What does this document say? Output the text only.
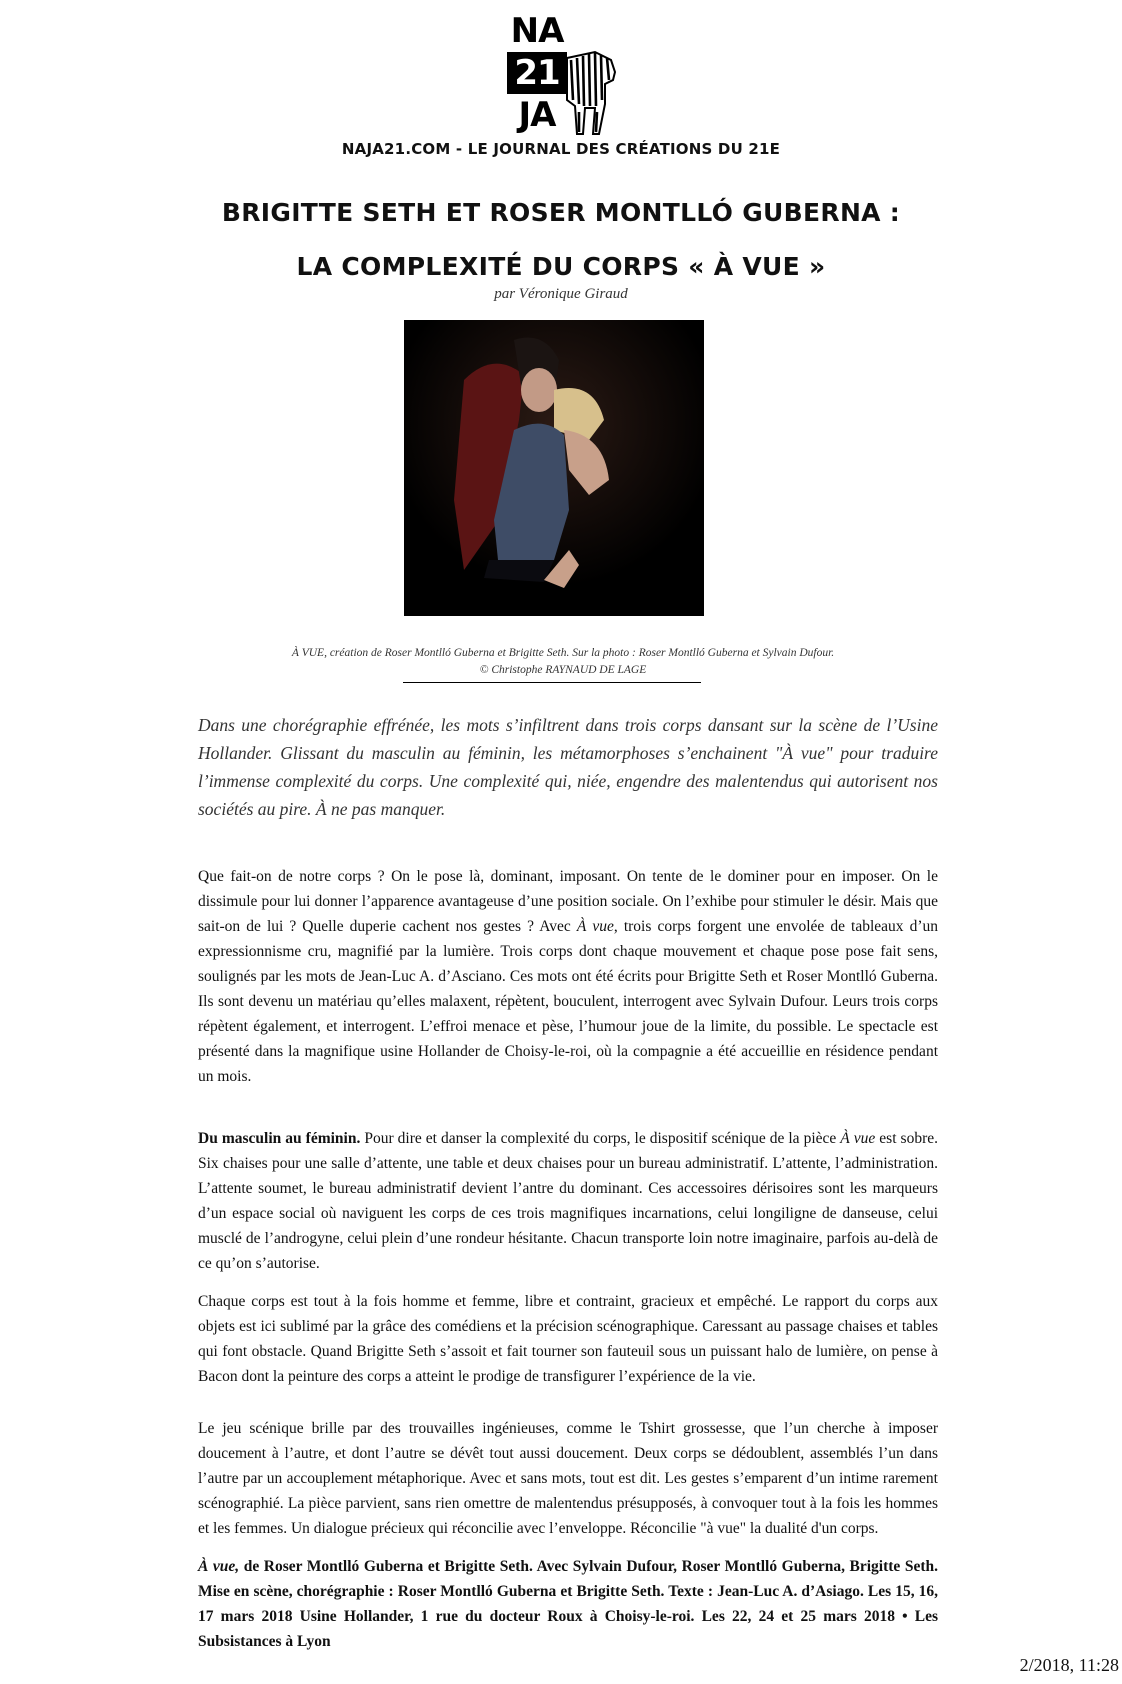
NA
21
JA
NAJA21.COM - LE JOURNAL DES CRÉATIONS DU 21E
BRIGITTE SETH ET ROSER MONTLLÓ GUBERNA : LA COMPLEXITÉ DU CORPS « À VUE »
par Véronique Giraud
À VUE, création de Roser Montlló Guberna et Brigitte Seth. Sur la photo : Roser Montlló Guberna et Sylvain Dufour.
© Christophe RAYNAUD DE LAGE

Dans une chorégraphie effrénée, les mots s’infiltrent dans trois corps dansant sur la scène de l’Usine Hollander. Glissant du masculin au féminin, les métamorphoses s’enchainent "À vue" pour traduire l’immense complexité du corps. Une complexité qui, niée, engendre des malentendus qui autorisent nos sociétés au pire. À ne pas manquer.

Que fait-on de notre corps ? On le pose là, dominant, imposant. On tente de le dominer pour en imposer. On le dissimule pour lui donner l’apparence avantageuse d’une position sociale. On l’exhibe pour stimuler le désir. Mais que sait-on de lui ? Quelle duperie cachent nos gestes ? Avec À vue, trois corps forgent une envolée de tableaux d’un expressionnisme cru, magnifié par la lumière. Trois corps dont chaque mouvement et chaque pose pose fait sens, soulignés par les mots de Jean-Luc A. d’Asciano. Ces mots ont été écrits pour Brigitte Seth et Roser Montlló Guberna. Ils sont devenu un matériau qu’elles malaxent, répètent, bouculent, interrogent avec Sylvain Dufour. Leurs trois corps répètent également, et interrogent. L’effroi menace et pèse, l’humour joue de la limite, du possible. Le spectacle est présenté dans la magnifique usine Hollander de Choisy-le-roi, où la compagnie a été accueillie en résidence pendant un mois.

Du masculin au féminin. Pour dire et danser la complexité du corps, le dispositif scénique de la pièce À vue est sobre. Six chaises pour une salle d’attente, une table et deux chaises pour un bureau administratif. L’attente, l’administration. L’attente soumet, le bureau administratif devient l’antre du dominant. Ces accessoires dérisoires sont les marqueurs d’un espace social où naviguent les corps de ces trois magnifiques incarnations, celui longiligne de danseuse, celui musclé de l’androgyne, celui plein d’une rondeur hésitante. Chacun transporte loin notre imaginaire, parfois au-delà de ce qu’on s’autorise.

Chaque corps est tout à la fois homme et femme, libre et contraint, gracieux et empêché. Le rapport du corps aux objets est ici sublimé par la grâce des comédiens et la précision scénographique. Caressant au passage chaises et tables qui font obstacle. Quand Brigitte Seth s’assoit et fait tourner son fauteuil sous un puissant halo de lumière, on pense à Bacon dont la peinture des corps a atteint le prodige de transfigurer l’expérience de la vie.

Le jeu scénique brille par des trouvailles ingénieuses, comme le Tshirt grossesse, que l’un cherche à imposer doucement à l’autre, et dont l’autre se dévêt tout aussi doucement. Deux corps se dédoublent, assemblés l’un dans l’autre par un accouplement métaphorique. Avec et sans mots, tout est dit. Les gestes s’emparent d’un intime rarement scénographié. La pièce parvient, sans rien omettre de malentendus présupposés, à convoquer tout à la fois les hommes et les femmes. Un dialogue précieux qui réconcilie avec l’enveloppe. Réconcilie "à vue" la dualité d'un corps.

À vue, de Roser Montlló Guberna et Brigitte Seth. Avec Sylvain Dufour, Roser Montlló Guberna, Brigitte Seth. Mise en scène, chorégraphie : Roser Montlló Guberna et Brigitte Seth. Texte : Jean-Luc A. d’Asiago. Les 15, 16, 17 mars 2018 Usine Hollander, 1 rue du docteur Roux à Choisy-le-roi. Les 22, 24 et 25 mars 2018 • Les Subsistances à Lyon

2/2018, 11:28
